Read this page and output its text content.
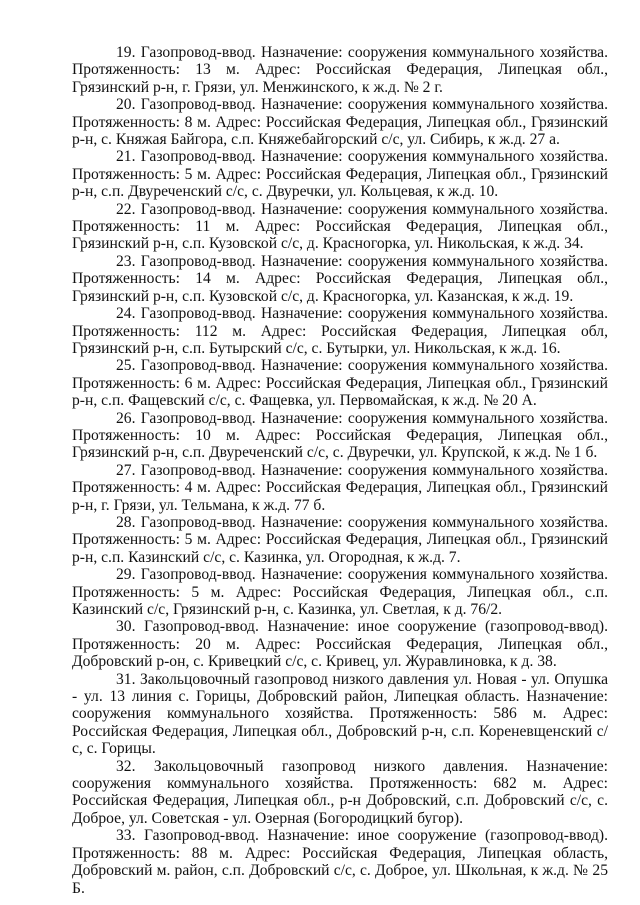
19. Газопровод-ввод. Назначение: сооружения коммунального хозяйства. Протяженность: 13 м. Адрес: Российская Федерация, Липецкая обл., Грязинский р-н, г. Грязи, ул. Менжинского, к ж.д. № 2 г.

20. Газопровод-ввод. Назначение: сооружения коммунального хозяйства. Протяженность: 8 м. Адрес: Российская Федерация, Липецкая обл., Грязинский р-н, с. Княжая Байгора, с.п. Княжебайгорский с/с, ул. Сибирь, к ж.д. 27 а.

21. Газопровод-ввод. Назначение: сооружения коммунального хозяйства. Протяженность: 5 м. Адрес: Российская Федерация, Липецкая обл., Грязинский р-н, с.п. Двуреченский с/с, с. Двуречки, ул. Кольцевая, к ж.д. 10.

22. Газопровод-ввод. Назначение: сооружения коммунального хозяйства. Протяженность: 11 м. Адрес: Российская Федерация, Липецкая обл., Грязинский р-н, с.п. Кузовской с/с, д. Красногорка, ул. Никольская, к ж.д. 34.

23. Газопровод-ввод. Назначение: сооружения коммунального хозяйства. Протяженность: 14 м. Адрес: Российская Федерация, Липецкая обл., Грязинский р-н, с.п. Кузовской с/с, д. Красногорка, ул. Казанская, к ж.д. 19.

24. Газопровод-ввод. Назначение: сооружения коммунального хозяйства. Протяженность: 112 м. Адрес: Российская Федерация, Липецкая обл, Грязинский р-н, с.п. Бутырский с/с, с. Бутырки, ул. Никольская, к ж.д. 16.

25. Газопровод-ввод. Назначение: сооружения коммунального хозяйства. Протяженность: 6 м. Адрес: Российская Федерация, Липецкая обл., Грязинский р-н, с.п. Фащевский с/с, с. Фащевка, ул. Первомайская, к ж.д. № 20 А.

26. Газопровод-ввод. Назначение: сооружения коммунального хозяйства. Протяженность: 10 м. Адрес: Российская Федерация, Липецкая обл., Грязинский р-н, с.п. Двуреченский с/с, с. Двуречки, ул. Крупской, к ж.д. № 1 б.

27. Газопровод-ввод. Назначение: сооружения коммунального хозяйства. Протяженность: 4 м. Адрес: Российская Федерация, Липецкая обл., Грязинский р-н, г. Грязи, ул. Тельмана, к ж.д. 77 б.

28. Газопровод-ввод. Назначение: сооружения коммунального хозяйства. Протяженность: 5 м. Адрес: Российская Федерация, Липецкая обл., Грязинский р-н, с.п. Казинский с/с, с. Казинка, ул. Огородная, к ж.д. 7.

29. Газопровод-ввод. Назначение: сооружения коммунального хозяйства. Протяженность: 5 м. Адрес: Российская Федерация, Липецкая обл., с.п. Казинский с/с, Грязинский р-н, с. Казинка, ул. Светлая, к д. 76/2.

30. Газопровод-ввод. Назначение: иное сооружение (газопровод-ввод). Протяженность: 20 м. Адрес: Российская Федерация, Липецкая обл., Добровский р-он, с. Кривецкий с/с, с. Кривец, ул. Журавлиновка, к д. 38.

31. Закольцовочный газопровод низкого давления ул. Новая - ул. Опушка - ул. 13 линия с. Горицы, Добровский район, Липецкая область. Назначение: сооружения коммунального хозяйства. Протяженность: 586 м. Адрес: Российская Федерация, Липецкая обл., Добровский р-н, с.п. Кореневщенский с/с, с. Горицы.

32. Закольцовочный газопровод низкого давления. Назначение: сооружения коммунального хозяйства. Протяженность: 682 м. Адрес: Российская Федерация, Липецкая обл., р-н Добровский, с.п. Добровский с/с, с. Доброе, ул. Советская - ул. Озерная (Богородицкий бугор).

33. Газопровод-ввод. Назначение: иное сооружение (газопровод-ввод). Протяженность: 88 м. Адрес: Российская Федерация, Липецкая область, Добровский м. район, с.п. Добровский с/с, с. Доброе, ул. Школьная, к ж.д. № 25 Б.
